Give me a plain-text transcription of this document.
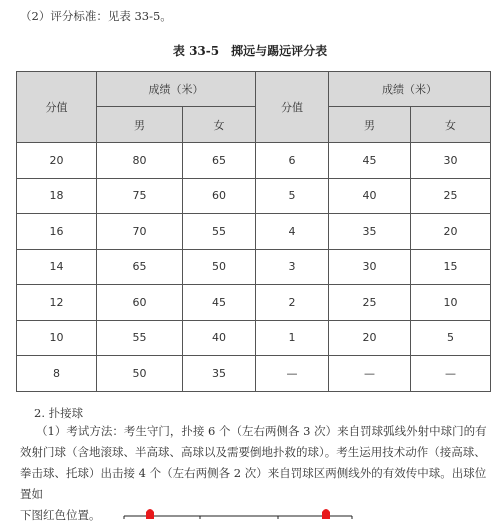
（2）评分标准：见表 33-5。
表 33-5　掷远与踢远评分表
分值	成绩（米）		分值	成绩（米）	
	男	女		男	女
20	80	65	6	45	30
18	75	60	5	40	25
16	70	55	4	35	20
14	65	50	3	30	15
12	60	45	2	25	10
10	55	40	1	20	5
8	50	35	—	—	—
2. 扑接球
（1）考试方法：考生守门，扑接 6 个（左右两侧各 3 次）来自罚球弧线外射中球门的有
效射门球（含地滚球、半高球、高球以及需要倒地扑救的球）。考生运用技术动作（接高球、
拳击球、托球）出击接 4 个（左右两侧各 2 次）来自罚球区两侧线外的有效传中球。出球位置如
下图红色位置。
